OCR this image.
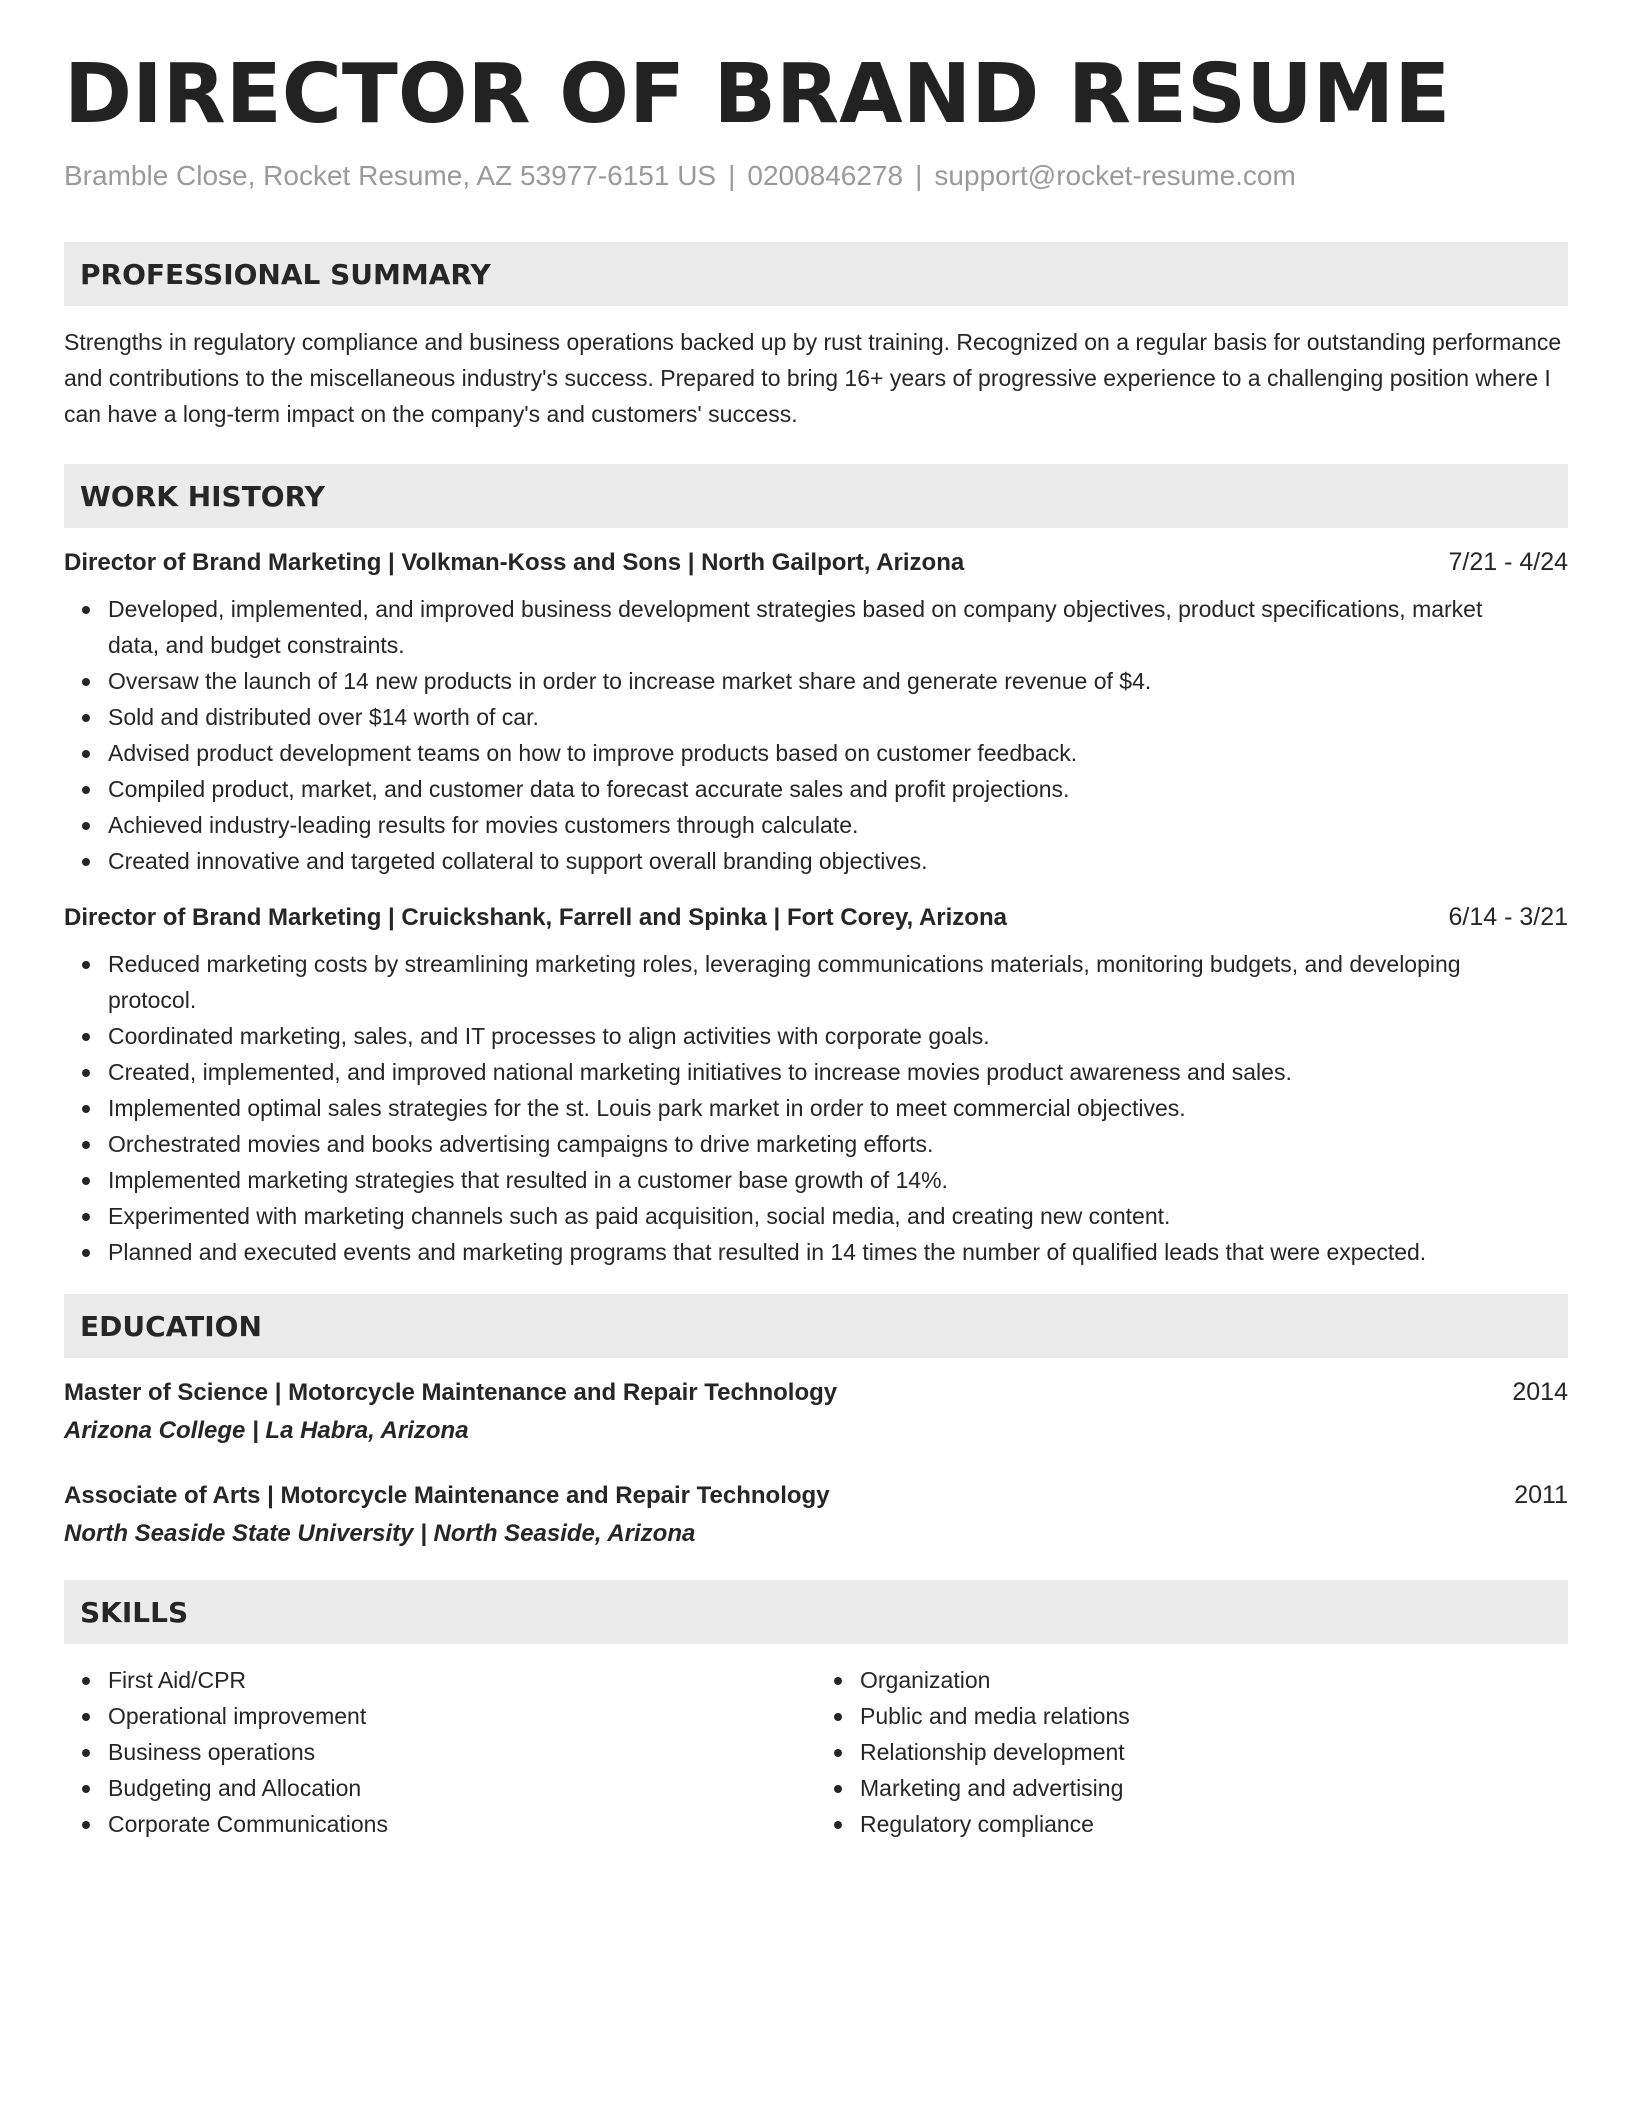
DIRECTOR OF BRAND RESUME
Bramble Close, Rocket Resume, AZ 53977-6151 US | 0200846278 | support@rocket-resume.com
PROFESSIONAL SUMMARY

Strengths in regulatory compliance and business operations backed up by rust training. Recognized on a regular basis for outstanding performance and contributions to the miscellaneous industry's success. Prepared to bring 16+ years of progressive experience to a challenging position where I can have a long-term impact on the company's and customers' success.

WORK HISTORY
Director of Brand Marketing | Volkman-Koss and Sons | North Gailport, Arizona	7/21 - 4/24
Developed, implemented, and improved business development strategies based on company objectives, product specifications, market data, and budget constraints.
Oversaw the launch of 14 new products in order to increase market share and generate revenue of $4.
Sold and distributed over $14 worth of car.
Advised product development teams on how to improve products based on customer feedback.
Compiled product, market, and customer data to forecast accurate sales and profit projections.
Achieved industry-leading results for movies customers through calculate.
Created innovative and targeted collateral to support overall branding objectives.
Director of Brand Marketing | Cruickshank, Farrell and Spinka | Fort Corey, Arizona	6/14 - 3/21
Reduced marketing costs by streamlining marketing roles, leveraging communications materials, monitoring budgets, and developing protocol.
Coordinated marketing, sales, and IT processes to align activities with corporate goals.
Created, implemented, and improved national marketing initiatives to increase movies product awareness and sales.
Implemented optimal sales strategies for the st. Louis park market in order to meet commercial objectives.
Orchestrated movies and books advertising campaigns to drive marketing efforts.
Implemented marketing strategies that resulted in a customer base growth of 14%.
Experimented with marketing channels such as paid acquisition, social media, and creating new content.
Planned and executed events and marketing programs that resulted in 14 times the number of qualified leads that were expected.
EDUCATION
Master of Science | Motorcycle Maintenance and Repair Technology	2014
Arizona College | La Habra, Arizona
Associate of Arts | Motorcycle Maintenance and Repair Technology	2011
North Seaside State University | North Seaside, Arizona
SKILLS
First Aid/CPR
Operational improvement
Business operations
Budgeting and Allocation
Corporate Communications
Organization
Public and media relations
Relationship development
Marketing and advertising
Regulatory compliance
